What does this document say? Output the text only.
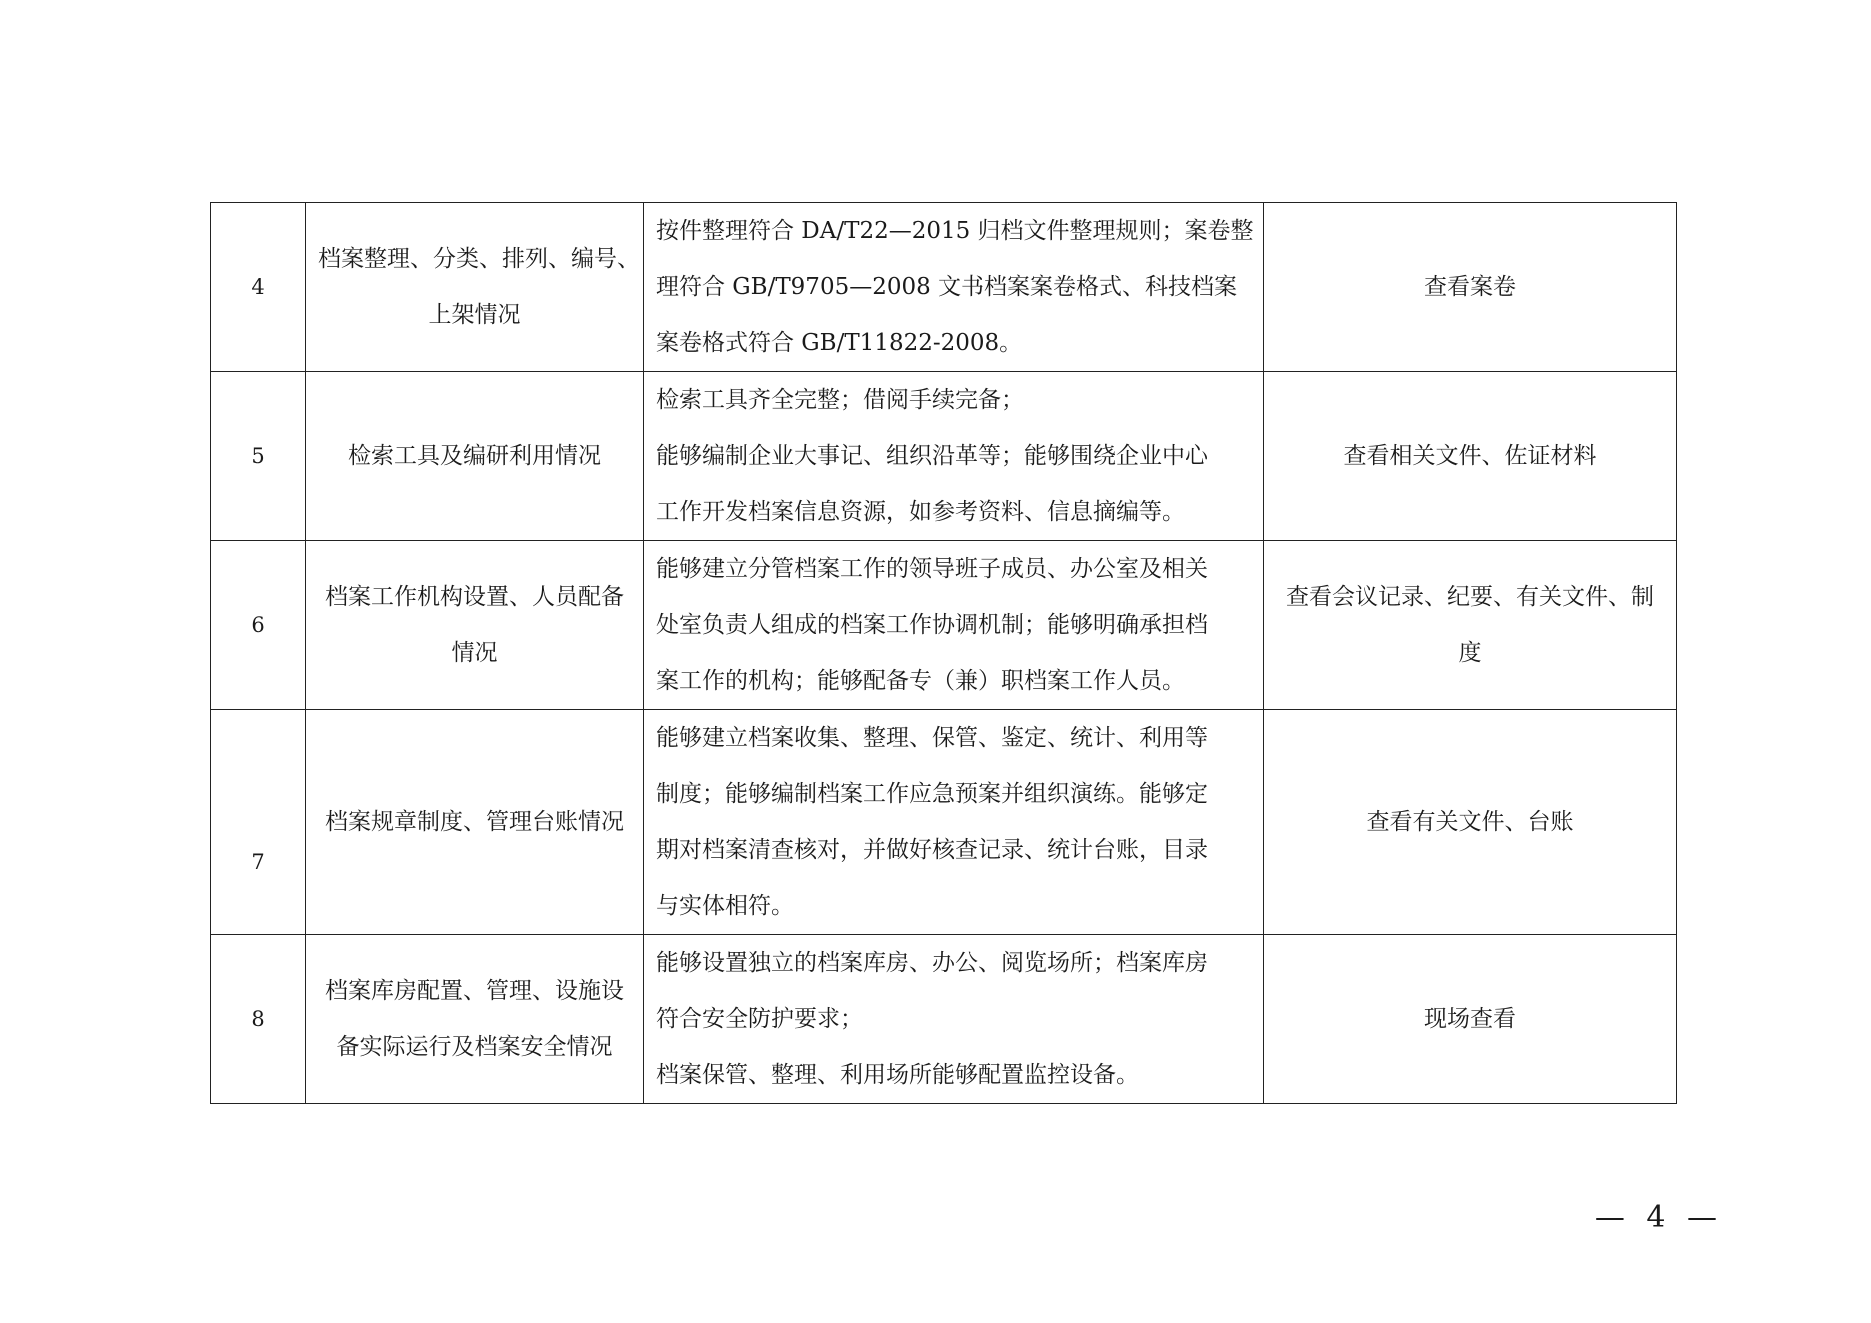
4	档案整理、分类、排列、编号、
上架情况	按件整理符合 DA/T22—2015 归档文件整理规则；案卷整
理符合 GB/T9705—2008 文书档案案卷格式、科技档案
案卷格式符合 GB/T11822-2008。	查看案卷

5	检索工具及编研利用情况	检索工具齐全完整；借阅手续完备；
能够编制企业大事记、组织沿革等；能够围绕企业中心
工作开发档案信息资源，如参考资料、信息摘编等。	查看相关文件、佐证材料

6	档案工作机构设置、人员配备
情况	能够建立分管档案工作的领导班子成员、办公室及相关
处室负责人组成的档案工作协调机制；能够明确承担档
案工作的机构；能够配备专（兼）职档案工作人员。	查看会议记录、纪要、有关文件、制
度

7	档案规章制度、管理台账情况	能够建立档案收集、整理、保管、鉴定、统计、利用等
制度；能够编制档案工作应急预案并组织演练。能够定
期对档案清查核对，并做好核查记录、统计台账，目录
与实体相符。	查看有关文件、台账

8	档案库房配置、管理、设施设
备实际运行及档案安全情况	能够设置独立的档案库房、办公、阅览场所；档案库房
符合安全防护要求；
档案保管、整理、利用场所能够配置监控设备。	现场查看
— 4 —
